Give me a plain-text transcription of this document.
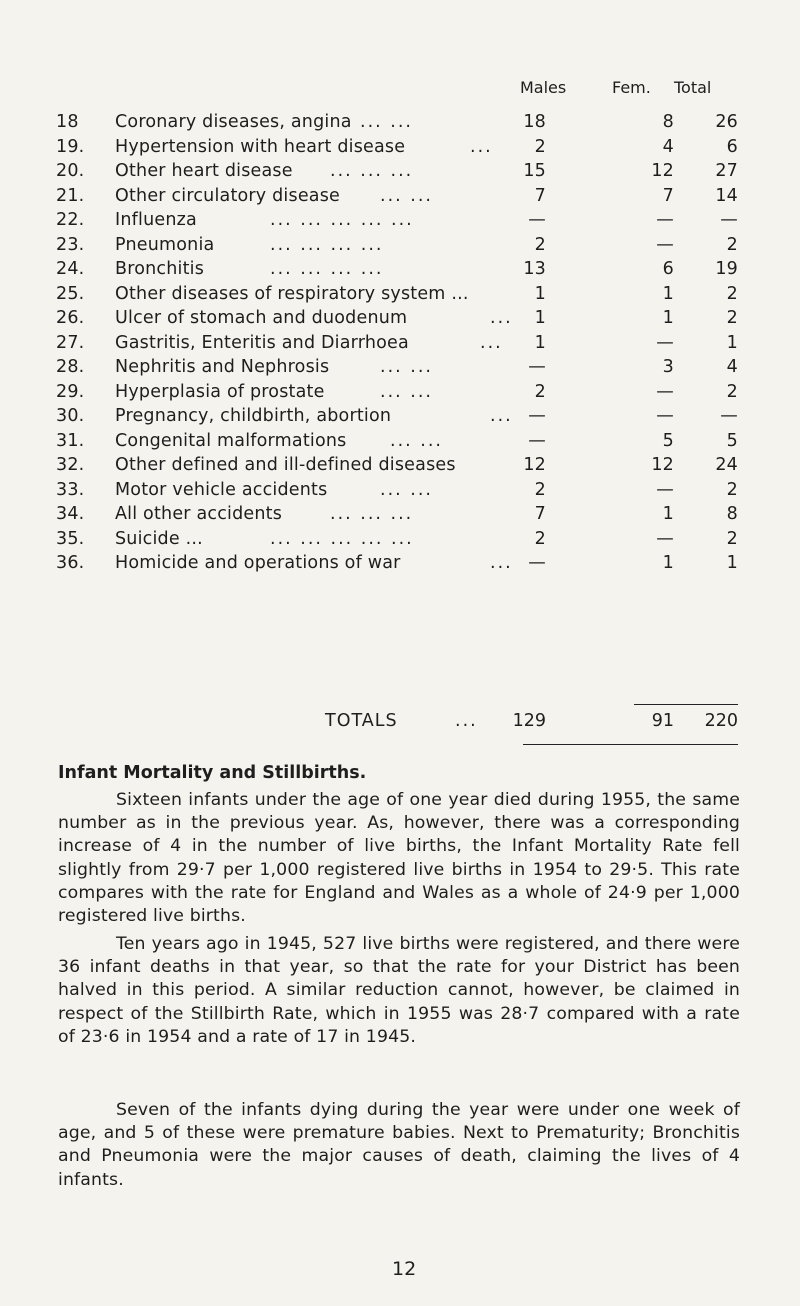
Males	Fem. Total
18 Coronary diseases, angina ... ...	18	8	26
19. Hypertension with heart disease	...	2	4	6
20. Other heart disease ... ... ...	15	12	27
21. Other circulatory disease ... ...	7	7	14
22. Influenza	... ... ... ... ...	—	—	—
23. Pneumonia	... ... ... ...	2	—	2
24. Bronchitis	... ... ... ...	13	6	19
25. Other diseases of respiratory system ...	1	1	2
26. Ulcer of stomach and duodenum	...	1	1	2
27. Gastritis, Enteritis and Diarrhoea	...	1	—	1
28. Nephritis and Nephrosis	... ...	—	3	4
29. Hyperplasia of prostate	... ...	2	—	2
30. Pregnancy, childbirth, abortion	... —	—	—
31. Congenital malformations ... ...	—	5	5
32. Other defined and ill-defined diseases	12	12	24
33. Motor vehicle accidents	... ...	2	—	2
34. All other accidents	... ... ...	7	1	8
35. Suicide ...	... ... ... ... ...	2	—	2
36. Homicide and operations of war	... —	1	1
TOTALS	...	129	91	220
Infant Mortality and Stillbirths.

Sixteen infants under the age of one year died during 1955, the same number as in the previous year. As, however, there was a corresponding increase of 4 in the number of live births, the Infant Mortality Rate fell slightly from 29·7 per 1,000 registered live births in 1954 to 29·5. This rate compares with the rate for England and Wales as a whole of 24·9 per 1,000 registered live births.

Ten years ago in 1945, 527 live births were registered, and there were 36 infant deaths in that year, so that the rate for your District has been halved in this period. A similar reduction cannot, however, be claimed in respect of the Stillbirth Rate, which in 1955 was 28·7 compared with a rate of 23·6 in 1954 and a rate of 17 in 1945.

Seven of the infants dying during the year were under one week of age, and 5 of these were premature babies. Next to Prematurity; Bronchitis and Pneumonia were the major causes of death, claiming the lives of 4 infants.

12
